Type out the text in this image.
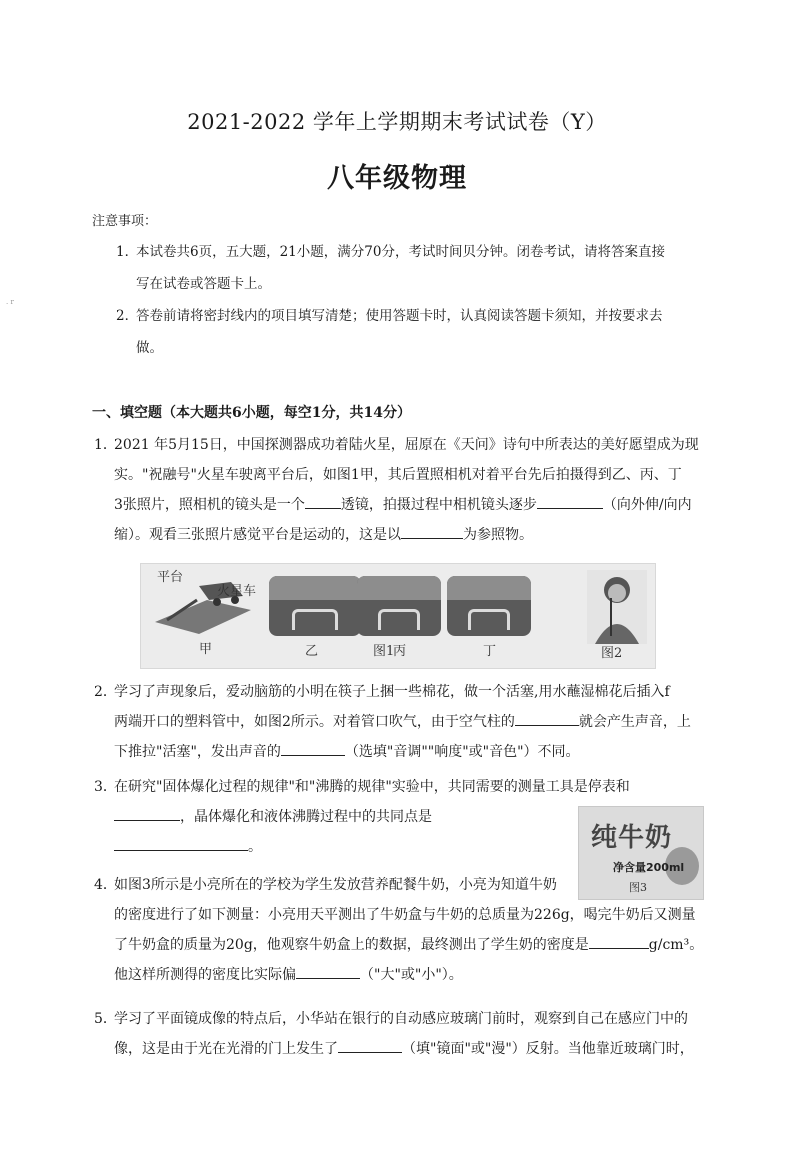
. r
2021-2022 学年上学期期末考试试卷（Y）
八年级物理
注意事项：
1．本试卷共6页，五大题，21小题，满分70分，考试时间贝分钟。闭卷考试，请将答案直接
写在试卷或答题卡上。
2．答卷前请将密封线内的项目填写清楚；使用答题卡时，认真阅读答题卡须知，并按要求去
做。
一、填空题（本大题共6小题，每空1分，共14分）
1．2021 年5月15日，中国探测器成功着陆火星，屈原在《天问》诗句中所表达的美好愿望成为现
实。"祝融号"火星车驶离平台后，如图1甲，其后置照相机对着平台先后拍摄得到乙、丙、丁
3张照片，照相机的镜头是一个	透镜，拍摄过程中相机镜头逐步	（向外伸/向内
缩）。观看三张照片感觉平台是运动的，这是以	为参照物。
平台
火星车
甲	乙	图1
丙	丁	图2
2．学习了声现象后，爱动脑筋的小明在筷子上捆一些棉花，做一个活塞,用水蘸湿棉花后插入f
两端开口的塑料管中，如图2所示。对着管口吹气，由于空气柱的	就会产生声音，上
下推拉"活塞"，发出声音的	（选填"音调""响度"或"音色"）不同。
3．在研究"固体爆化过程的规律"和"沸腾的规律"实验中，共同需要的测量工具是停表和
，晶体爆化和液体沸腾过程中的共同点是
。	纯牛奶
净含量200ml
图3
4．如图3所示是小亮所在的学校为学生发放营养配餐牛奶，小亮为知道牛奶
的密度进行了如下测量：小亮用天平测出了牛奶盒与牛奶的总质量为226g，喝完牛奶后又测量
了牛奶盒的质量为20g，他观察牛奶盒上的数据，最终测出了学生奶的密度是	g/cm³。
他这样所测得的密度比实际偏	（"大"或"小"）。
5．学习了平面镜成像的特点后，小华站在银行的自动感应玻璃门前时，观察到自己在感应门中的
像，这是由于光在光滑的门上发生了	（填"镜面"或"漫"）反射。当他靠近玻璃门时，
